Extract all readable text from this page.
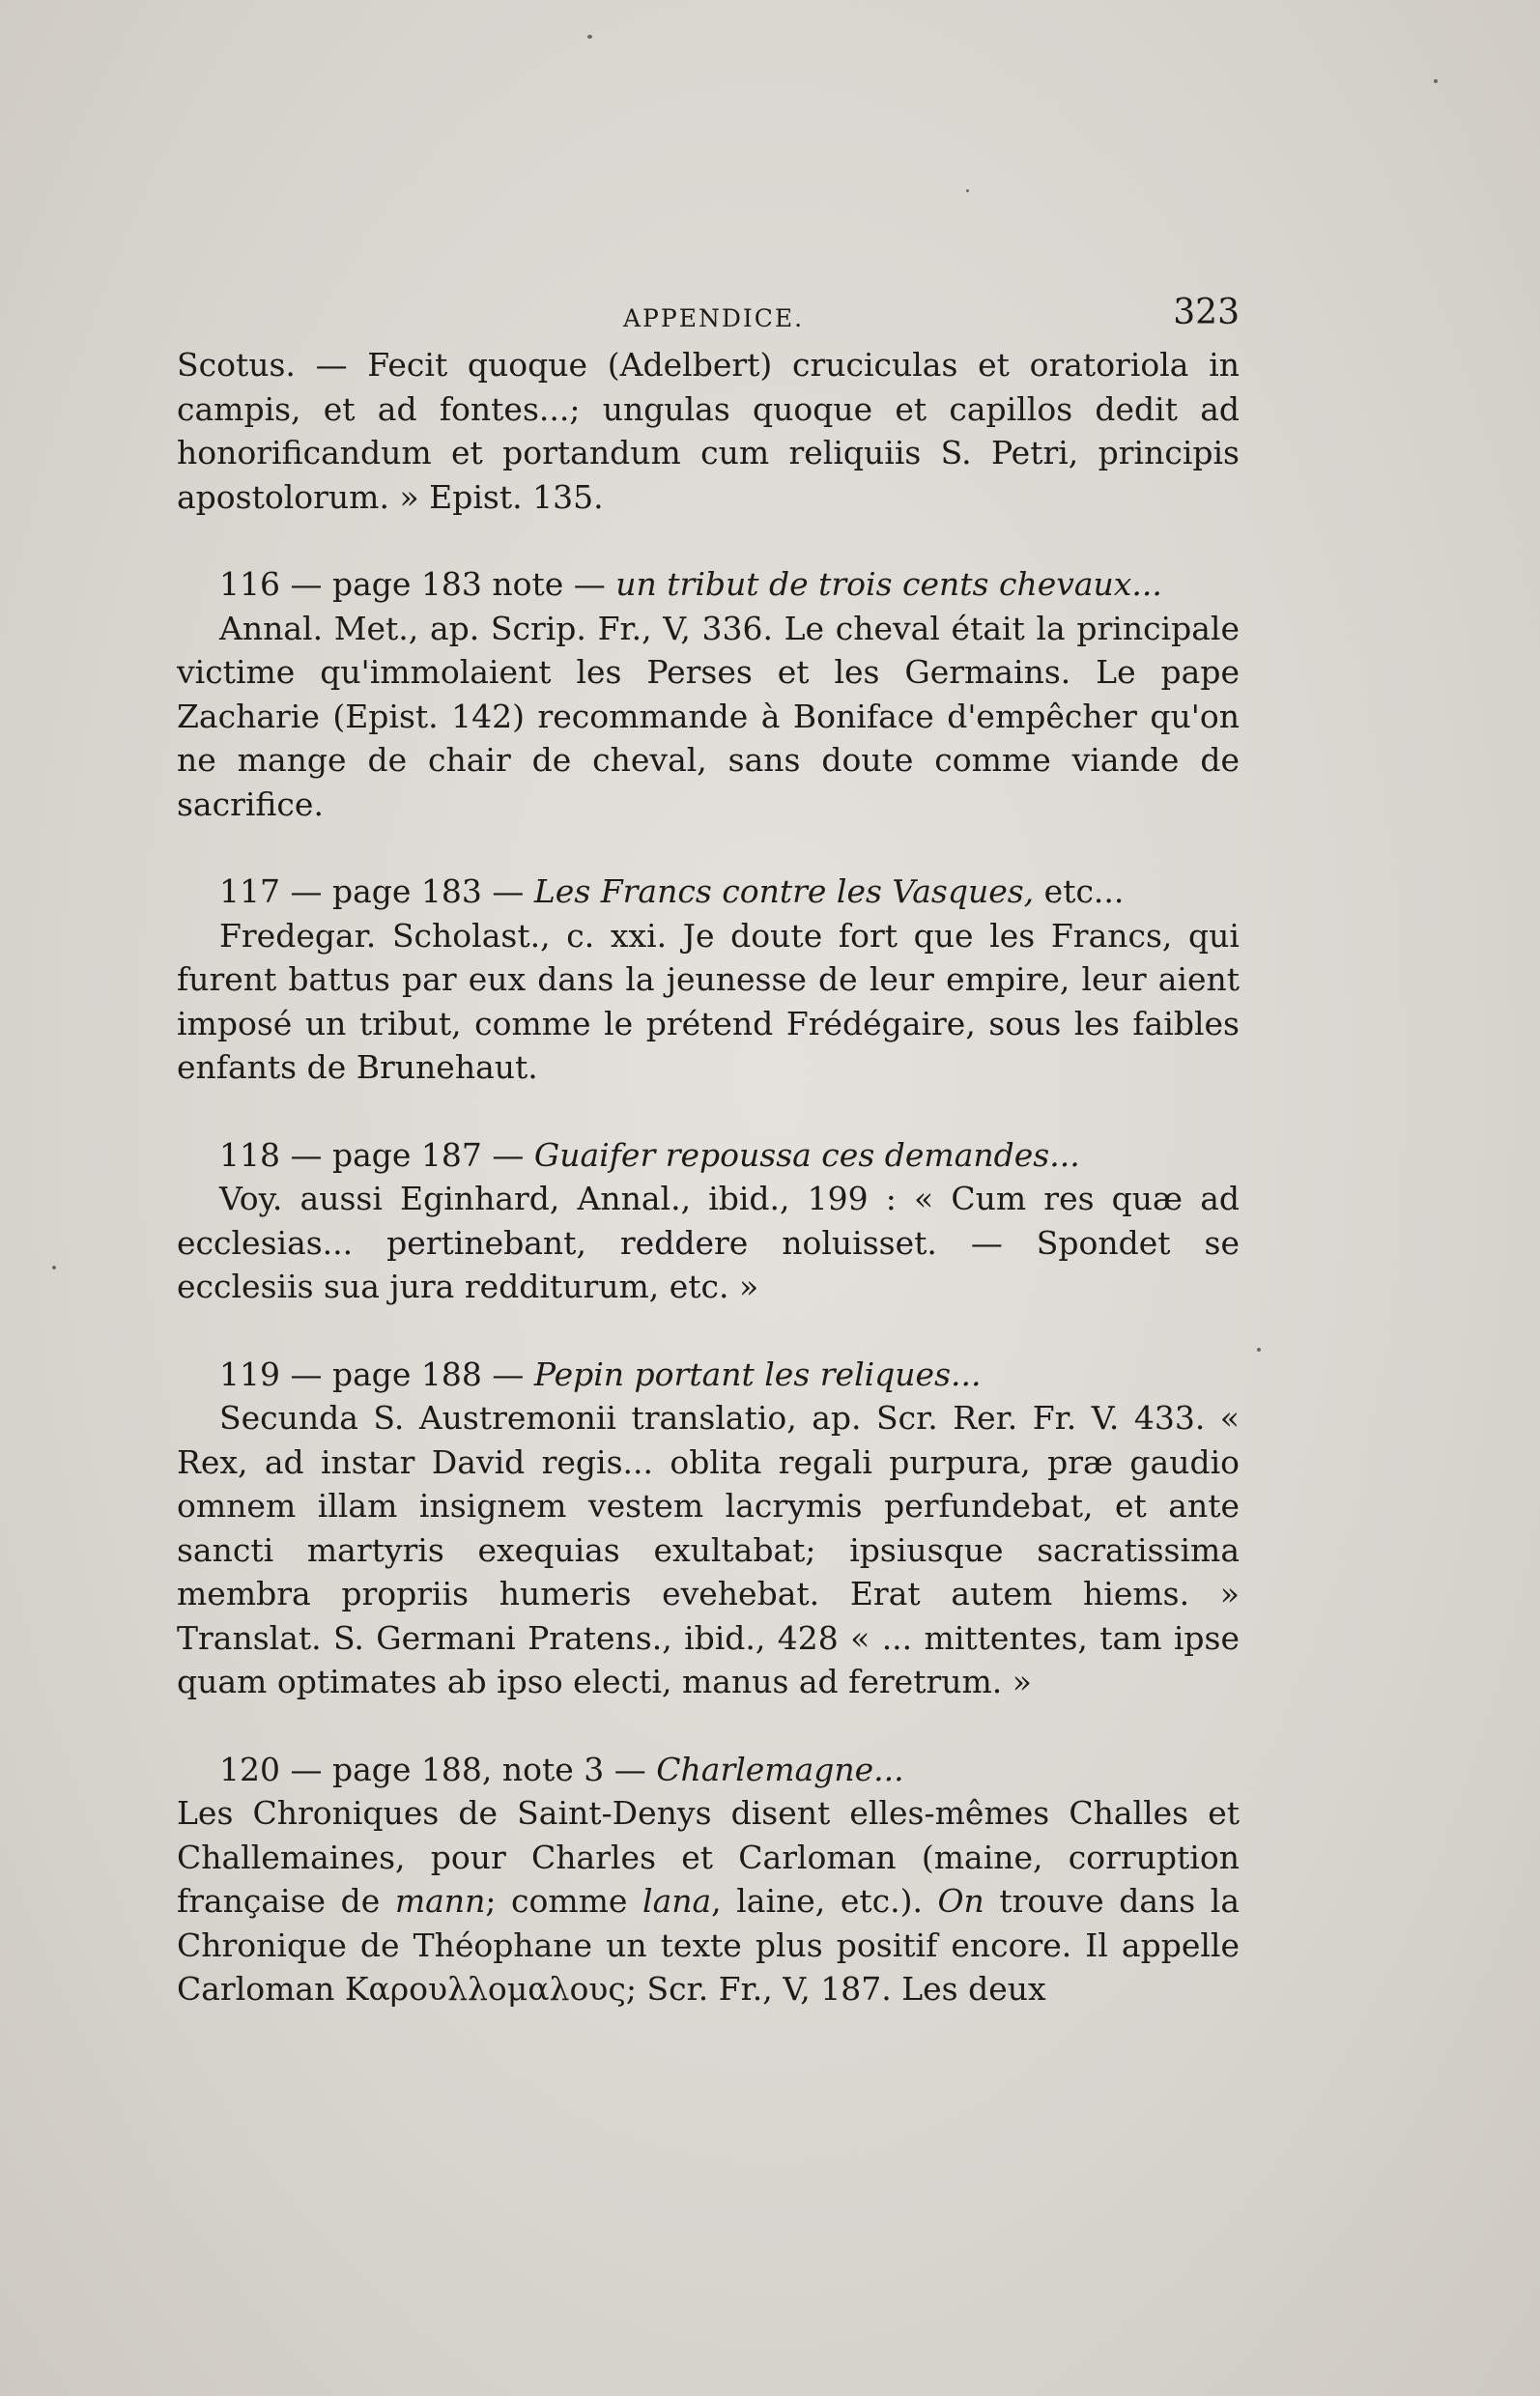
APPENDICE.	323

Scotus. — Fecit quoque (Adelbert) cruciculas et oratoriola in campis, et ad fontes...; ungulas quoque et capillos dedit ad honorificandum et portandum cum reliquiis S. Petri, principis apostolorum. » Epist. 135.

116 — page 183 note — un tribut de trois cents chevaux...

Annal. Met., ap. Scrip. Fr., V, 336. Le cheval était la principale victime qu'immolaient les Perses et les Germains. Le pape Zacharie (Epist. 142) recommande à Boniface d'empêcher qu'on ne mange de chair de cheval, sans doute comme viande de sacrifice.

117 — page 183 — Les Francs contre les Vasques, etc...

Fredegar. Scholast., c. xxi. Je doute fort que les Francs, qui furent battus par eux dans la jeunesse de leur empire, leur aient imposé un tribut, comme le prétend Frédégaire, sous les faibles enfants de Brunehaut.

118 — page 187 — Guaifer repoussa ces demandes...

Voy. aussi Eginhard, Annal., ibid., 199 : « Cum res quæ ad ecclesias... pertinebant, reddere noluisset. — Spondet se ecclesiis sua jura redditurum, etc. »

119 — page 188 — Pepin portant les reliques...

Secunda S. Austremonii translatio, ap. Scr. Rer. Fr. V. 433. « Rex, ad instar David regis... oblita regali purpura, præ gaudio omnem illam insignem vestem lacrymis perfundebat, et ante sancti martyris exequias exultabat; ipsiusque sacratissima membra propriis humeris evehebat. Erat autem hiems. » Translat. S. Germani Pratens., ibid., 428 « ... mittentes, tam ipse quam optimates ab ipso electi, manus ad feretrum. »

120 — page 188, note 3 — Charlemagne...

Les Chroniques de Saint-Denys disent elles-mêmes Challes et Challemaines, pour Charles et Carloman (maine, corruption française de mann; comme lana, laine, etc.). On trouve dans la Chronique de Théophane un texte plus positif encore. Il appelle Carloman Καρουλλομαλους; Scr. Fr., V, 187. Les deux
